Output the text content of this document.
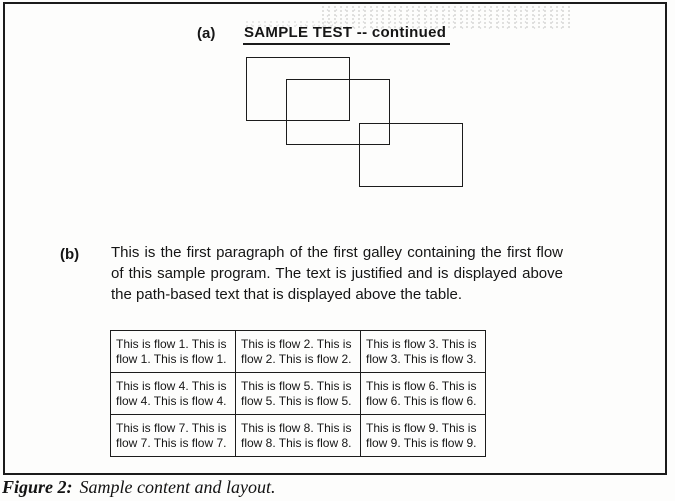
(a) SAMPLE TEST -- continued
(b) This is the first paragraph of the first galley containing the first flow
of this sample program. The text is justified and is displayed above
the path-based text that is displayed above the table.
This is flow 1. This is flow 1. This is flow 1.	This is flow 2. This is flow 2. This is flow 2.	This is flow 3. This is flow 3. This is flow 3.
This is flow 4. This is flow 4. This is flow 4.	This is flow 5. This is flow 5. This is flow 5.	This is flow 6. This is flow 6. This is flow 6.
This is flow 7. This is flow 7. This is flow 7.	This is flow 8. This is flow 8. This is flow 8.	This is flow 9. This is flow 9. This is flow 9.
Figure 2: Sample content and layout.
